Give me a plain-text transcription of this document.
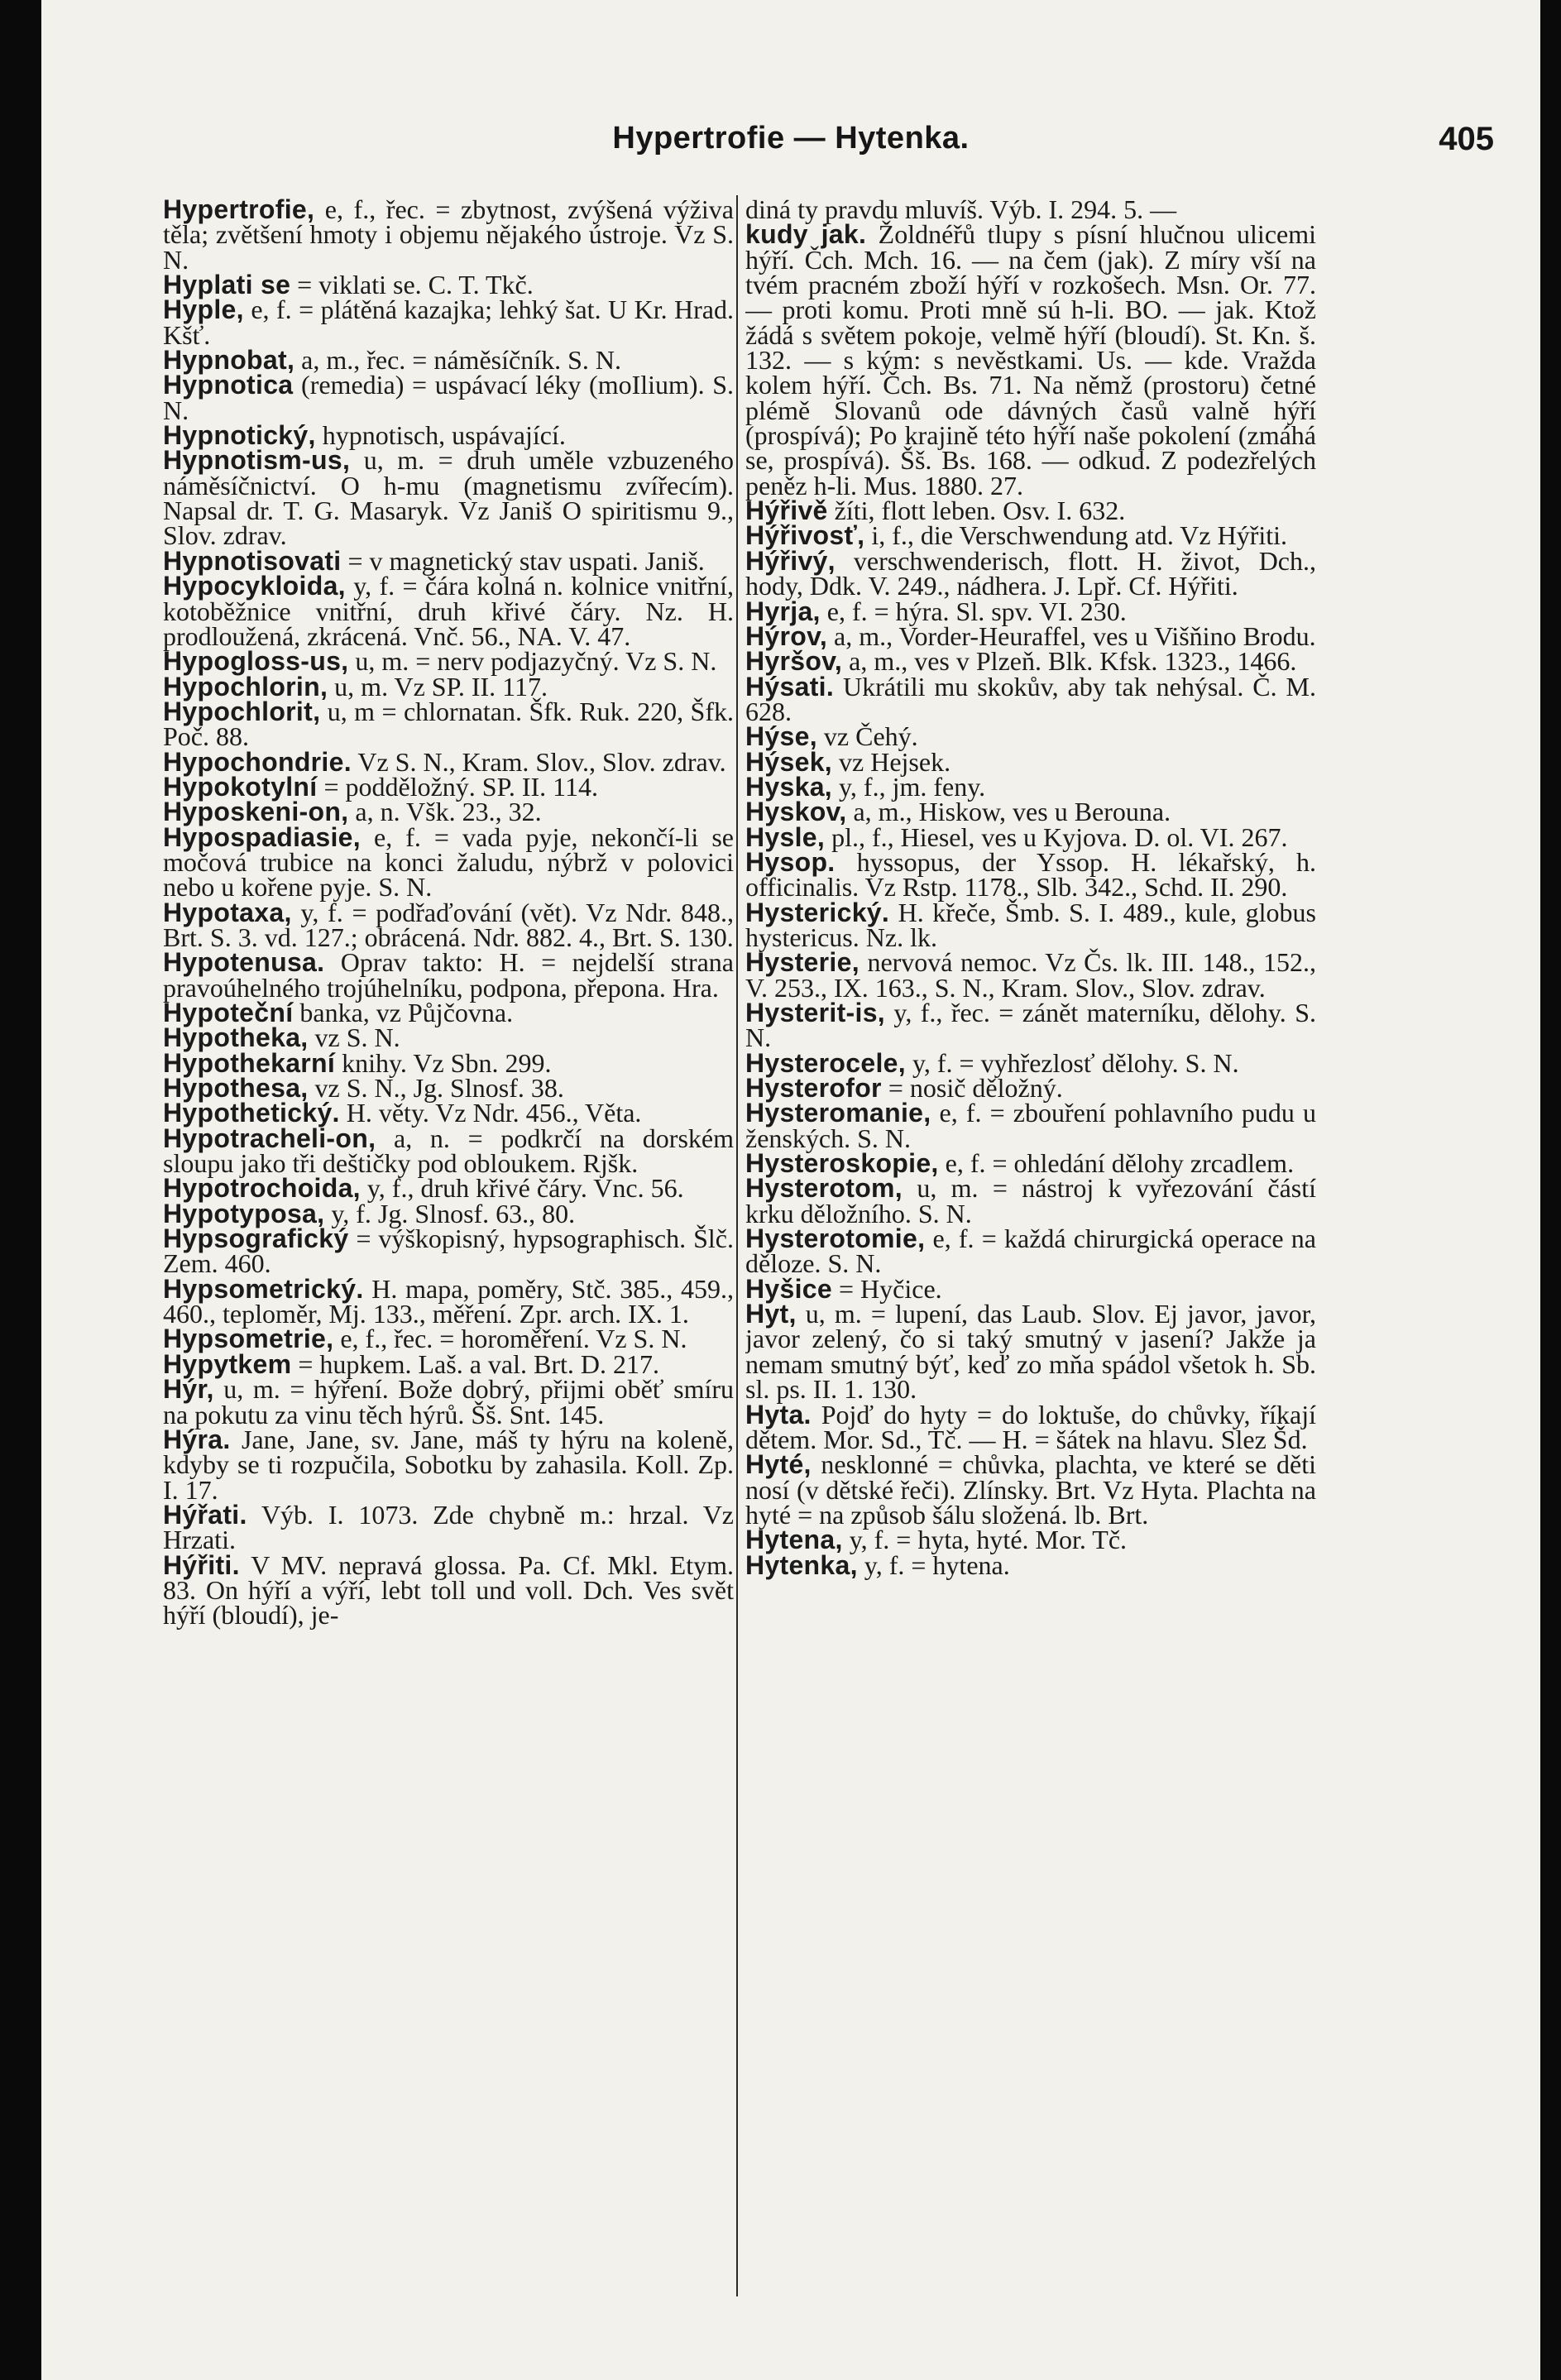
Hypertrofie — Hytenka.	405

Hypertrofie, e, f., řec. = zbytnost, zvýšená výživa těla; zvětšení hmoty i objemu nějakého ústroje. Vz S. N.

Hyplati se = viklati se. C. T. Tkč.

Hyple, e, f. = plátěná kazajka; lehký šat. U Kr. Hrad. Kšť.

Hypnobat, a, m., řec. = náměsíčník. S. N.

Hypnotica (remedia) = uspávací léky (moIlium). S. N.

Hypnotický, hypnotisch, uspávající.

Hypnotism-us, u, m. = druh uměle vzbuzeného náměsíčnictví. O h-mu (magnetismu zvířecím). Napsal dr. T. G. Masaryk. Vz Janiš O spiritismu 9., Slov. zdrav.

Hypnotisovati = v magnetický stav uspati. Janiš.

Hypocykloida, y, f. = čára kolná n. kolnice vnitřní, kotoběžnice vnitřní, druh křivé čáry. Nz. H. prodloužená, zkrácená. Vnč. 56., NA. V. 47.

Hypogloss-us, u, m. = nerv podjazyčný. Vz S. N.

Hypochlorin, u, m. Vz SP. II. 117.

Hypochlorit, u, m = chlornatan. Šfk. Ruk. 220, Šfk. Poč. 88.

Hypochondrie. Vz S. N., Kram. Slov., Slov. zdrav.

Hypokotylní = podděložný. SP. II. 114.

Hyposkeni-on, a, n. Všk. 23., 32.

Hypospadiasie, e, f. = vada pyje, nekončí-li se močová trubice na konci žaludu, nýbrž v polovici nebo u kořene pyje. S. N.

Hypotaxa, y, f. = podřaďování (vět). Vz Ndr. 848., Brt. S. 3. vd. 127.; obrácená. Ndr. 882. 4., Brt. S. 130.

Hypotenusa. Oprav takto: H. = nejdelší strana pravoúhelného trojúhelníku, podpona, přepona. Hra.

Hypoteční banka, vz Půjčovna.

Hypotheka, vz S. N.

Hypothekarní knihy. Vz Sbn. 299.

Hypothesa, vz S. N., Jg. Slnosf. 38.

Hypothetický. H. věty. Vz Ndr. 456., Věta.

Hypotracheli-on, a, n. = podkrčí na dorském sloupu jako tři deštičky pod obloukem. Rjšk.

Hypotrochoida, y, f., druh křivé čáry. Vnc. 56.

Hypotyposa, y, f. Jg. Slnosf. 63., 80.

Hypsografický = výškopisný, hypsographisch. Šlč. Zem. 460.

Hypsometrický. H. mapa, poměry, Stč. 385., 459., 460., teploměr, Mj. 133., měření. Zpr. arch. IX. 1.

Hypsometrie, e, f., řec. = horoměření. Vz S. N.

Hypytkem = hupkem. Laš. a val. Brt. D. 217.

Hýr, u, m. = hýření. Bože dobrý, přijmi oběť smíru na pokutu za vinu těch hýrů. Šš. Snt. 145.

Hýra. Jane, Jane, sv. Jane, máš ty hýru na koleně, kdyby se ti rozpučila, Sobotku by zahasila. Koll. Zp. I. 17.

Hýřati. Výb. I. 1073. Zde chybně m.: hrzal. Vz Hrzati.

Hýřiti. V MV. nepravá glossa. Pa. Cf. Mkl. Etym. 83. On hýří a výří, lebt toll und voll. Dch. Ves svět hýří (bloudí), je-

diná ty pravdu mluvíš. Výb. I. 294. 5. —

kudy jak. Žoldnéřů tlupy s písní hlučnou ulicemi hýří. Čch. Mch. 16. — na čem (jak). Z míry vší na tvém pracném zboží hýří v rozkošech. Msn. Or. 77. — proti komu. Proti mně sú h-li. BO. — jak. Ktož žádá s světem pokoje, velmě hýří (bloudí). St. Kn. š. 132. — s kým: s nevěstkami. Us. — kde. Vražda kolem hýří. Čch. Bs. 71. Na němž (prostoru) četné plémě Slovanů ode dávných časů valně hýří (prospívá); Po krajině této hýří naše pokolení (zmáhá se, prospívá). Šš. Bs. 168. — odkud. Z podezřelých peněz h-li. Mus. 1880. 27.

Hýřivě žíti, flott leben. Osv. I. 632.

Hýřivosť, i, f., die Verschwendung atd. Vz Hýřiti.

Hýřivý, verschwenderisch, flott. H. život, Dch., hody, Ddk. V. 249., nádhera. J. Lpř. Cf. Hýřiti.

Hyrja, e, f. = hýra. Sl. spv. VI. 230.

Hýrov, a, m., Vorder-Heuraffel, ves u Višňino Brodu.

Hyršov, a, m., ves v Plzeň. Blk. Kfsk. 1323., 1466.

Hýsati. Ukrátili mu skokův, aby tak nehýsal. Č. M. 628.

Hýse, vz Čehý.

Hýsek, vz Hejsek.

Hyska, y, f., jm. feny.

Hyskov, a, m., Hiskow, ves u Berouna.

Hysle, pl., f., Hiesel, ves u Kyjova. D. ol. VI. 267.

Hysop. hyssopus, der Yssop. H. lékařský, h. officinalis. Vz Rstp. 1178., Slb. 342., Schd. II. 290.

Hysterický. H. křeče, Šmb. S. I. 489., kule, globus hystericus. Nz. lk.

Hysterie, nervová nemoc. Vz Čs. lk. III. 148., 152., V. 253., IX. 163., S. N., Kram. Slov., Slov. zdrav.

Hysterit-is, y, f., řec. = zánět materníku, dělohy. S. N.

Hysterocele, y, f. = vyhřezlosť dělohy. S. N.

Hysterofor = nosič děložný.

Hysteromanie, e, f. = zbouření pohlavního pudu u ženských. S. N.

Hysteroskopie, e, f. = ohledání dělohy zrcadlem.

Hysterotom, u, m. = nástroj k vyřezování částí krku děložního. S. N.

Hysterotomie, e, f. = každá chirurgická operace na děloze. S. N.

Hyšice = Hyčice.

Hyt, u, m. = lupení, das Laub. Slov. Ej javor, javor, javor zelený, čo si taký smutný v jasení? Jakže ja nemam smutný býť, keď zo mňa spádol všetok h. Sb. sl. ps. II. 1. 130.

Hyta. Pojď do hyty = do loktuše, do chůvky, říkají dětem. Mor. Sd., Tč. — H. = šátek na hlavu. Slez Šd.

Hyté, nesklonné = chůvka, plachta, ve které se děti nosí (v dětské řeči). Zlínsky. Brt. Vz Hyta. Plachta na hyté = na způsob šálu složená. lb. Brt.

Hytena, y, f. = hyta, hyté. Mor. Tč.

Hytenka, y, f. = hytena.
